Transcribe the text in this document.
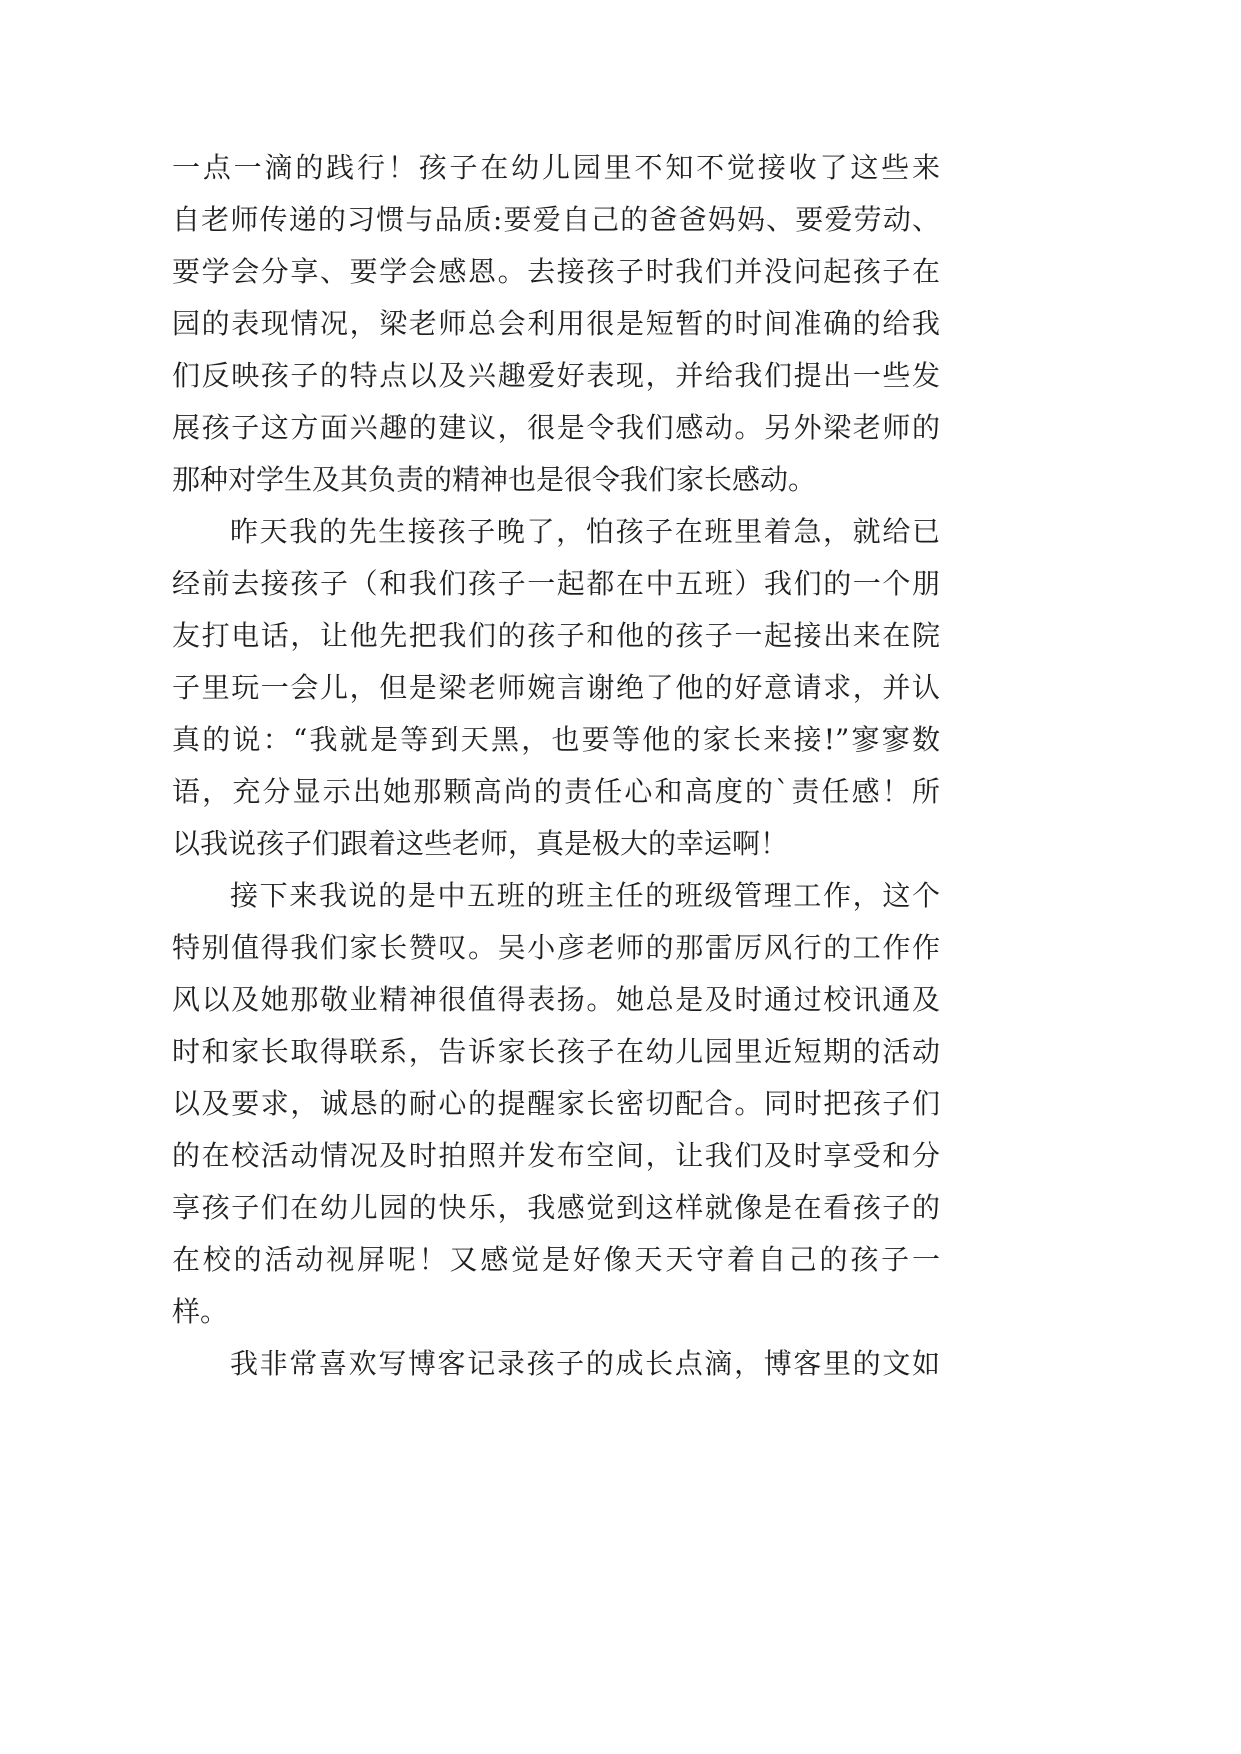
一点一滴的践行！孩子在幼儿园里不知不觉接收了这些来
自老师传递的习惯与品质:要爱自己的爸爸妈妈、要爱劳动、
要学会分享、要学会感恩。去接孩子时我们并没问起孩子在
园的表现情况，梁老师总会利用很是短暂的时间准确的给我
们反映孩子的特点以及兴趣爱好表现，并给我们提出一些发
展孩子这方面兴趣的建议，很是令我们感动。另外梁老师的
那种对学生及其负责的精神也是很令我们家长感动。
昨天我的先生接孩子晚了，怕孩子在班里着急，就给已
经前去接孩子（和我们孩子一起都在中五班）我们的一个朋
友打电话，让他先把我们的孩子和他的孩子一起接出来在院
子里玩一会儿，但是梁老师婉言谢绝了他的好意请求，并认
真的说：“我就是等到天黑，也要等他的家长来接!”寥寥数
语，充分显示出她那颗高尚的责任心和高度的`责任感！所
以我说孩子们跟着这些老师，真是极大的幸运啊！
接下来我说的是中五班的班主任的班级管理工作，这个
特别值得我们家长赞叹。吴小彦老师的那雷厉风行的工作作
风以及她那敬业精神很值得表扬。她总是及时通过校讯通及
时和家长取得联系，告诉家长孩子在幼儿园里近短期的活动
以及要求，诚恳的耐心的提醒家长密切配合。同时把孩子们
的在校活动情况及时拍照并发布空间，让我们及时享受和分
享孩子们在幼儿园的快乐，我感觉到这样就像是在看孩子的
在校的活动视屏呢！又感觉是好像天天守着自己的孩子一
样。
我非常喜欢写博客记录孩子的成长点滴，博客里的文如
